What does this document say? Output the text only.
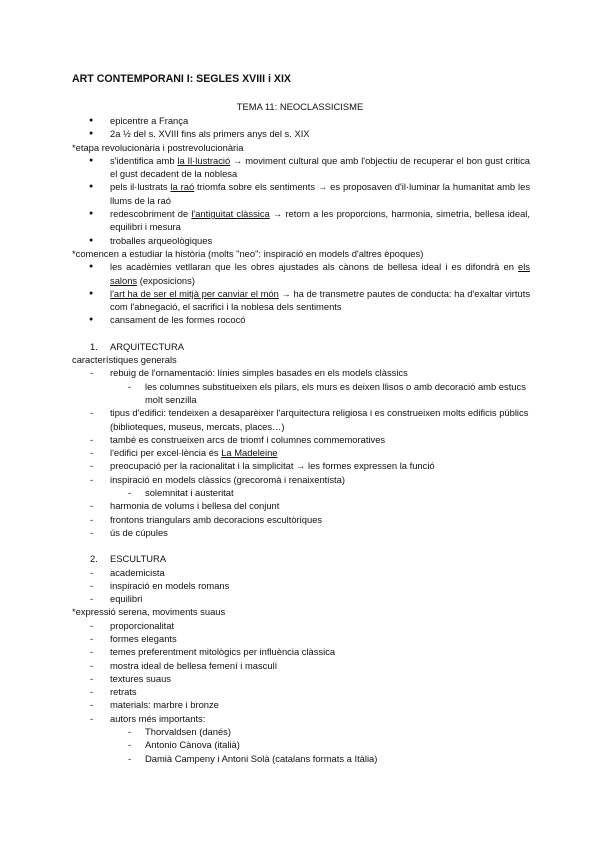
ART CONTEMPORANI I: SEGLES XVIII i XIX
TEMA 11: NEOCLASSICISME
● epicentre a França
● 2a ½ del s. XVIII fins als primers anys del s. XIX
*etapa revolucionària i postrevolucionària
● s'identifica amb la Il·lustració → moviment cultural que amb l'objectiu de recuperar el bon gust critica el gust decadent de la noblesa
● pels il·lustrats la raó triomfa sobre els sentiments → es proposaven d'il·luminar la humanitat amb les llums de la raó
● redescobriment de l'antiguitat clàssica → retorn a les proporcions, harmonia, simetria, bellesa ideal, equilibri i mesura
● troballes arqueològiques
*comencen a estudiar la història (molts "neo": inspiració en models d'altres èpoques)
● les acadèmies vetllaran que les obres ajustades als cànons de bellesa ideal i es difondrà en els salons (exposicions)
● l'art ha de ser el mitjà per canviar el món → ha de transmetre pautes de conducta: ha d'exaltar virtuts com l'abnegació, el sacrifici i la noblesa dels sentiments
● cansament de les formes rococó
1. ARQUITECTURA
característiques generals
- rebuig de l'ornamentació: línies simples basades en els models clàssics
- les columnes substitueixen els pilars, els murs es deixen llisos o amb decoració amb estucs molt senzilla
- tipus d'edifici: tendeixen a desaparèixer l'arquitectura religiosa i es construeixen molts edificis públics (biblioteques, museus, mercats, places…)
- també es construeixen arcs de triomf i columnes commemoratives
- l'edifici per excel·lència és La Madeleine
- preocupació per la racionalitat i la simplicitat → les formes expressen la funció
- inspiració en models clàssics (grecoromà i renaixentista)
- solemnitat i austeritat
- harmonia de volums i bellesa del conjunt
- frontons triangulars amb decoracions escultòriques
- ús de cúpules
2. ESCULTURA
- academicista
- inspiració en models romans
- equilibri
*expressió serena, moviments suaus
- proporcionalitat
- formes elegants
- temes preferentment mitològics per influència clàssica
- mostra ideal de bellesa femení i masculí
- textures suaus
- retrats
- materials: marbre i bronze
- autors més importants:
- Thorvaldsen (danés)
- Antonio Cànova (italià)
- Damià Campeny i Antoni Solà (catalans formats a Itàlia)
